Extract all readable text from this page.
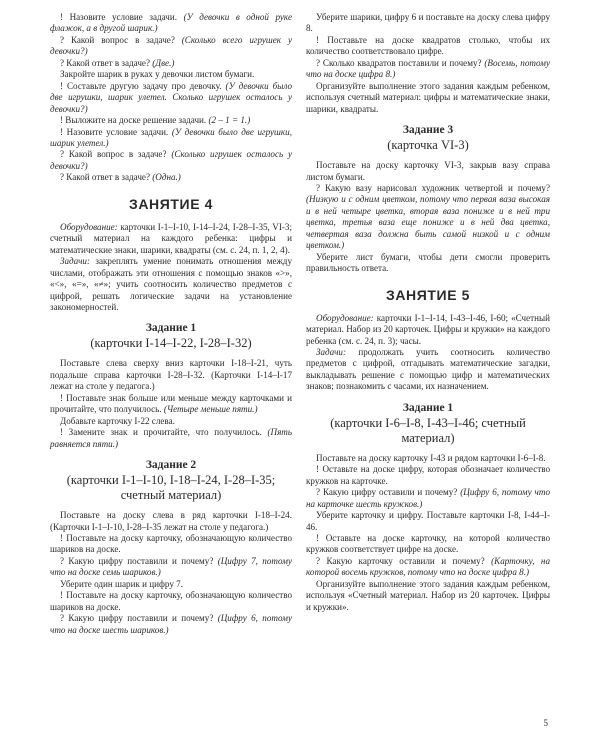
! Назовите условие задачи. (У девочки в одной руке флажок, а в другой шарик.)

? Какой вопрос в задаче? (Сколько всего игрушек у девочки?)

? Какой ответ в задаче? (Две.)

Закройте шарик в руках у девочки листом бумаги.

! Составьте другую задачу про девочку. (У девочки было две игрушки, шарик улетел. Сколько игрушек осталось у девочки?)

! Выложите на доске решение задачи. (2 – 1 = 1.)

! Назовите условие задачи. (У девочки было две игрушки, шарик улетел.)

? Какой вопрос в задаче? (Сколько игрушек осталось у девочки?)

? Какой ответ в задаче? (Одна.)

ЗАНЯТИЕ 4

Оборудование: карточки I-1–I-10, I-14–I-24, I-28–I-35, VI-3; счетный материал на каждого ребенка: цифры и математические знаки, шарики, квадраты (см. с. 24, п. 1, 2, 4).

Задачи: закреплять умение понимать отношения между числами, отображать эти отношения с помощью знаков «>», «<», «=», «≠»; учить соотносить количество предметов с цифрой, решать логические задачи на установление закономерностей.

Задание 1
(карточки I-14–I-22, I-28–I-32)

Поставьте слева сверху вниз карточки I-18–I-21, чуть подальше справа карточки I-28–I-32. (Карточки I-14–I-17 лежат на столе у педагога.)

! Поставьте знак больше или меньше между карточками и прочитайте, что получилось. (Четыре меньше пяти.)

Добавьте карточку I-22 слева.

! Замените знак и прочитайте, что получилось. (Пять равняется пяти.)

Задание 2
(карточки I-1–I-10, I-18–I-24, I-28–I-35; счетный материал)

Поставьте на доску слева в ряд карточки I-18–I-24. (Карточки I-1–I-10, I-28–I-35 лежат на столе у педагога.)

! Поставьте на доску карточку, обозначающую количество шариков на доске.

? Какую цифру поставили и почему? (Цифру 7, потому что на доске семь шариков.)

Уберите один шарик и цифру 7.

! Поставьте на доску карточку, обозначающую количество шариков на доске.

? Какую цифру поставили и почему? (Цифру 6, потому что на доске шесть шариков.)

Уберите шарики, цифру 6 и поставьте на доску слева цифру 8.

! Поставьте на доске квадратов столько, чтобы их количество соответствовало цифре.

? Сколько квадратов поставили и почему? (Восемь, потому что на доске цифра 8.)

Организуйте выполнение этого задания каждым ребенком, используя счетный материал: цифры и математические знаки, шарики, квадраты.

Задание 3
(карточка VI-3)

Поставьте на доску карточку VI-3, закрыв вазу справа листом бумаги.

? Какую вазу нарисовал художник четвертой и почему? (Низкую и с одним цветком, потому что первая ваза высокая и в ней четыре цветка, вторая ваза пониже и в ней три цветка, третья ваза еще пониже и в ней два цветка, четвертая ваза должна быть самой низкой и с одним цветком.)

Уберите лист бумаги, чтобы дети смогли проверить правильность ответа.

ЗАНЯТИЕ 5

Оборудование: карточки I-1–I-14, I-43–I-46, I-60; «Счетный материал. Набор из 20 карточек. Цифры и кружки» на каждого ребенка (см. с. 24, п. 3); часы.

Задачи: продолжать учить соотносить количество предметов с цифрой, отгадывать математические загадки, выкладывать решение с помощью цифр и математических знаков; познакомить с часами, их назначением.

Задание 1
(карточки I-6–I-8, I-43–I-46; счетный материал)

Поставьте на доску карточку I-43 и рядом карточки I-6–I-8.

! Оставьте на доске цифру, которая обозначает количество кружков на карточке.

? Какую цифру оставили и почему? (Цифру 6, потому что на карточке шесть кружков.)

Уберите карточку и цифру. Поставьте карточки I-8, I-44–I-46.

! Оставьте на доске карточку, на которой количество кружков соответствует цифре на доске.

? Какую карточку оставили и почему? (Карточку, на которой восемь кружков, потому что на доске цифра 8.)

Организуйте выполнение этого задания каждым ребенком, используя «Счетный материал. Набор из 20 карточек. Цифры и кружки».

5
